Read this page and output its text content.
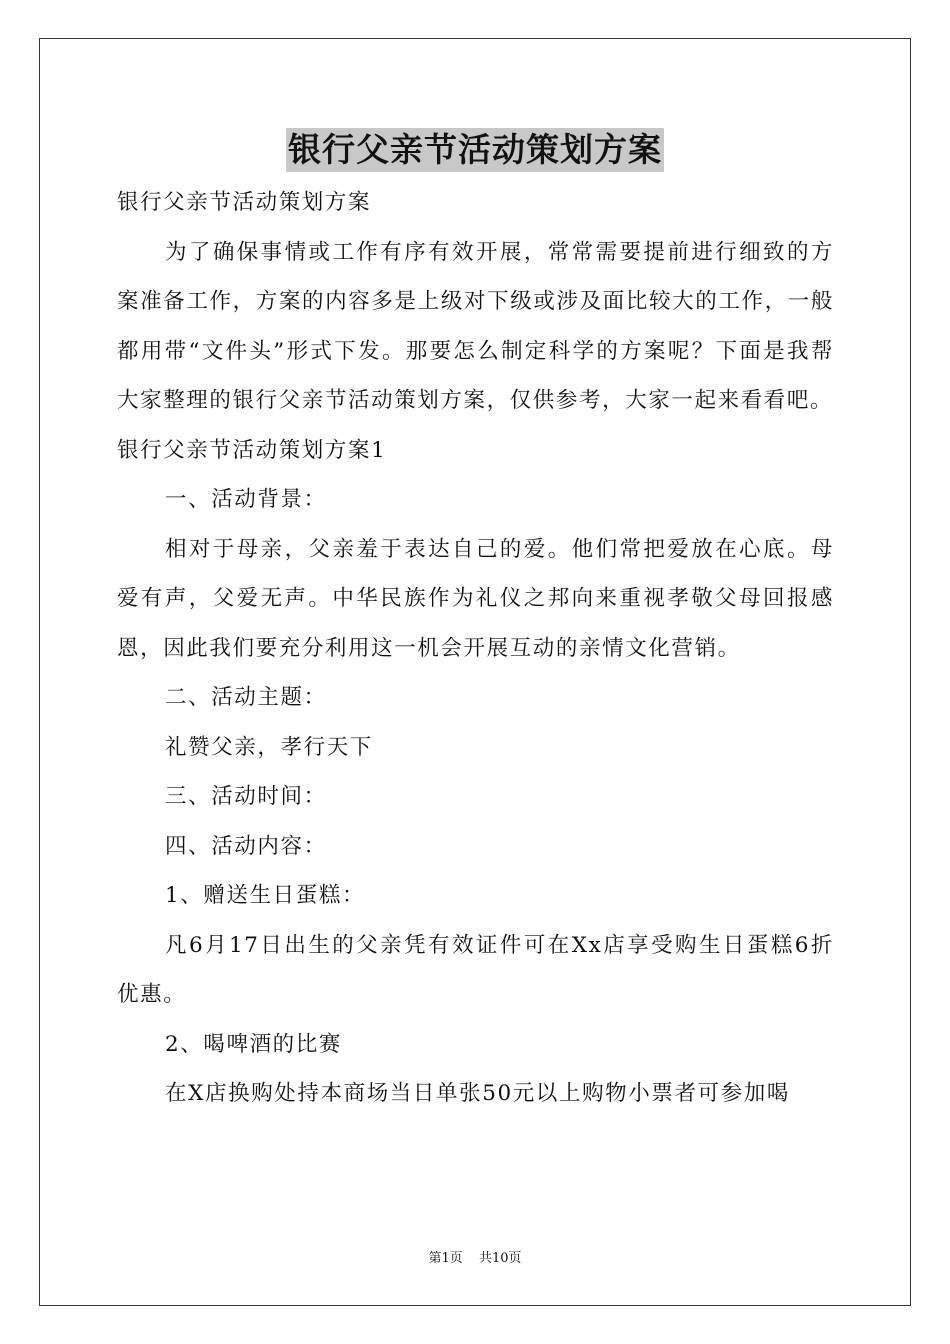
银行父亲节活动策划方案

银行父亲节活动策划方案

为了确保事情或工作有序有效开展，常常需要提前进行细致的方案准备工作，方案的内容多是上级对下级或涉及面比较大的工作，一般都用带“文件头”形式下发。那要怎么制定科学的方案呢？下面是我帮大家整理的银行父亲节活动策划方案，仅供参考，大家一起来看看吧。

银行父亲节活动策划方案1

一、活动背景：

相对于母亲，父亲羞于表达自己的爱。他们常把爱放在心底。母爱有声，父爱无声。中华民族作为礼仪之邦向来重视孝敬父母回报感恩，因此我们要充分利用这一机会开展互动的亲情文化营销。

二、活动主题：

礼赞父亲，孝行天下

三、活动时间：

四、活动内容：

1、赠送生日蛋糕：

凡6月17日出生的父亲凭有效证件可在Xx店享受购生日蛋糕6折优惠。

2、喝啤酒的比赛

在X店换购处持本商场当日单张50元以上购物小票者可参加喝

第1页 共10页
